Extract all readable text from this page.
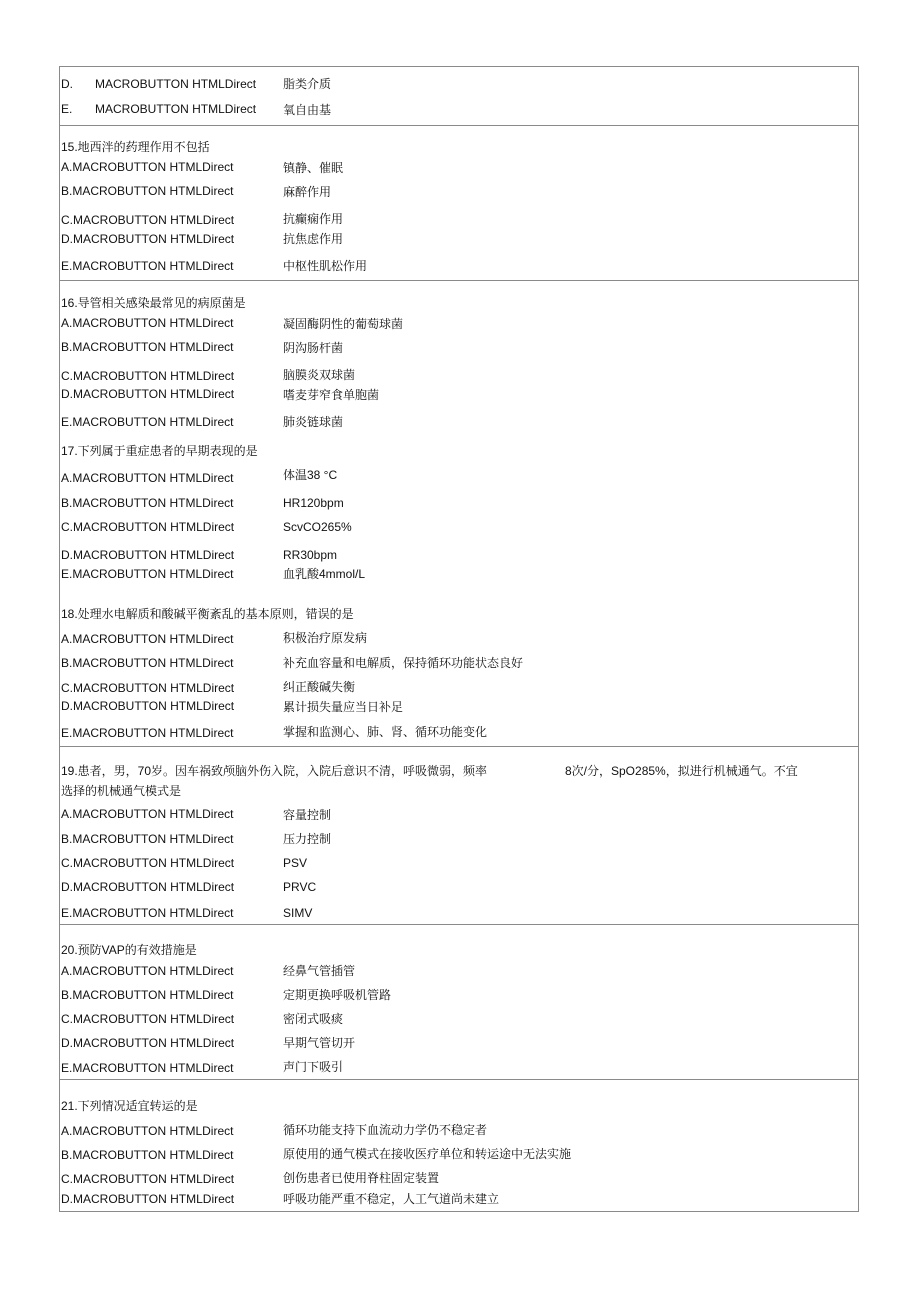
D. MACROBUTTON HTMLDirect 脂类介质
E. MACROBUTTON HTMLDirect 氧自由基
15.地西泮的药理作用不包括
A.MACROBUTTON HTMLDirect	镇静、催眠
B.MACROBUTTON HTMLDirect	麻醉作用
C.MACROBUTTON HTMLDirect	抗癫痫作用
D.MACROBUTTON HTMLDirect	抗焦虑作用
E.MACROBUTTON HTMLDirect	中枢性肌松作用
16.导管相关感染最常见的病原菌是
A.MACROBUTTON HTMLDirect	凝固酶阴性的葡萄球菌
B.MACROBUTTON HTMLDirect	阴沟肠杆菌
C.MACROBUTTON HTMLDirect	脑膜炎双球菌
D.MACROBUTTON HTMLDirect	嗜麦芽窄食单胞菌
E.MACROBUTTON HTMLDirect	肺炎链球菌
17.下列属于重症患者的早期表现的是
A.MACROBUTTON HTMLDirect	体温38 °C
B.MACROBUTTON HTMLDirect	HR120bpm
C.MACROBUTTON HTMLDirect	ScvCO265%
D.MACROBUTTON HTMLDirect	RR30bpm
E.MACROBUTTON HTMLDirect	血乳酸4mmol/L
18.处理水电解质和酸碱平衡紊乱的基本原则，错误的是
A.MACROBUTTON HTMLDirect	积极治疗原发病
B.MACROBUTTON HTMLDirect	补充血容量和电解质，保持循环功能状态良好
C.MACROBUTTON HTMLDirect	纠正酸碱失衡
D.MACROBUTTON HTMLDirect	累计损失量应当日补足
E.MACROBUTTON HTMLDirect	掌握和监测心、肺、肾、循环功能变化
19.患者，男，70岁。因车祸致颅脑外伤入院，入院后意识不清，呼吸微弱，频率	8次/分，SpO285%，拟进行机械通气。不宜
选择的机械通气模式是
A.MACROBUTTON HTMLDirect	容量控制
B.MACROBUTTON HTMLDirect	压力控制
C.MACROBUTTON HTMLDirect	PSV
D.MACROBUTTON HTMLDirect	PRVC
E.MACROBUTTON HTMLDirect	SIMV
20.预防VAP的有效措施是
A.MACROBUTTON HTMLDirect	经鼻气管插管
B.MACROBUTTON HTMLDirect	定期更换呼吸机管路
C.MACROBUTTON HTMLDirect	密闭式吸痰
D.MACROBUTTON HTMLDirect	早期气管切开
E.MACROBUTTON HTMLDirect	声门下吸引
21.下列情况适宜转运的是
A.MACROBUTTON HTMLDirect	循环功能支持下血流动力学仍不稳定者
B.MACROBUTTON HTMLDirect	原使用的通气模式在接收医疗单位和转运途中无法实施
C.MACROBUTTON HTMLDirect	创伤患者已使用脊柱固定装置
D.MACROBUTTON HTMLDirect	呼吸功能严重不稳定，人工气道尚未建立
